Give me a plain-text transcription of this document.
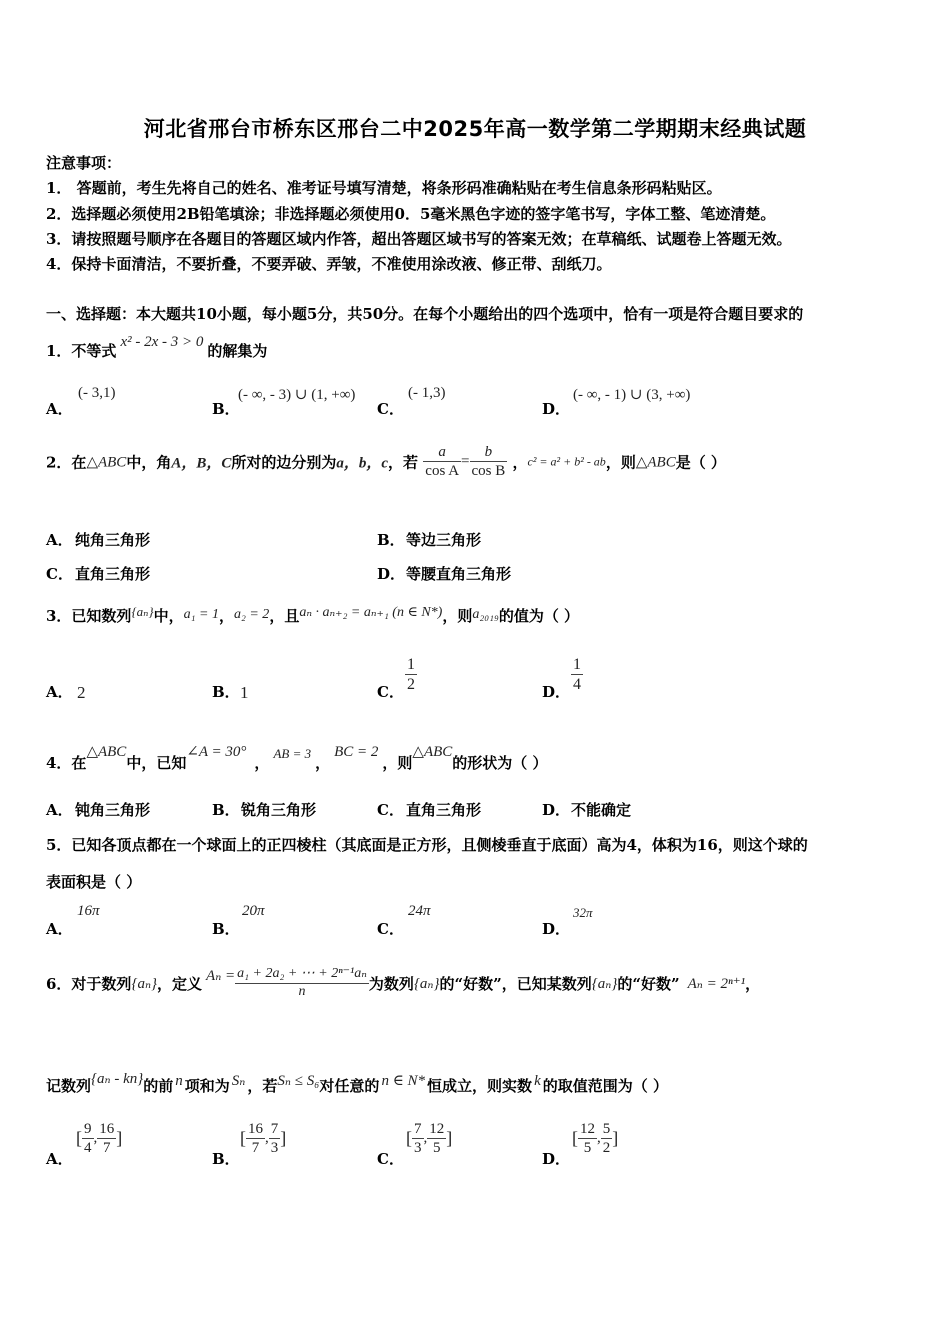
河北省邢台市桥东区邢台二中2025年高一数学第二学期期末经典试题
注意事项：
1． 答题前，考生先将自己的姓名、准考证号填写清楚，将条形码准确粘贴在考生信息条形码粘贴区。
2．选择题必须使用2B铅笔填涂；非选择题必须使用0．5毫米黑色字迹的签字笔书写，字体工整、笔迹清楚。
3．请按照题号顺序在各题目的答题区域内作答，超出答题区域书写的答案无效；在草稿纸、试题卷上答题无效。
4．保持卡面清洁，不要折叠，不要弄破、弄皱，不准使用涂改液、修正带、刮纸刀。
一、选择题：本大题共10小题，每小题5分，共50分。在每个小题给出的四个选项中，恰有一项是符合题目要求的
1．不等式 x² - 2x - 3 > 0 的解集为
A．
(- 3,1)
B．
(- ∞, - 3) ∪ (1, +∞)
C．
(- 1,3)
D．
(- ∞, - 1) ∪ (3, +∞)
2．在△ABC中，角A，B，C所对的边分别为a，b，c，若 $\frac{a}{\text{cos A}} = \frac{b}{\text{cos B}}$ ，c² = a² + b² - ab，则△ABC是（ ）
A． 纯角三角形	B． 等边三角形
C． 直角三角形	D． 等腰直角三角形
3．已知数列{aₙ}中，a₁ = 1，a₂ = 2，且aₙ · aₙ₊₂ = aₙ₊₁ (n ∈ N*)，则a₂₀₁₉的值为（ ）
A． 2	B． 1	C． $\frac{1}{2}$	D． $\frac{1}{4}$
4．在△ABC中，已知∠A = 30°，AB = 3，BC = 2，则△ABC的形状为（ ）
A． 钝角三角形	B． 锐角三角形	C． 直角三角形	D． 不能确定
5．已知各顶点都在一个球面上的正四棱柱（其底面是正方形，且侧棱垂直于底面）高为4，体积为16，则这个球的
表面积是（ ）
A．
16π
B．
20π
C．
24π
D．
32π
6．对于数列{aₙ}，定义 $A_n = \frac{\text{a₁ + 2a₂ + ⋯ + 2ⁿ⁻¹aₙ}}{n}$ 为数列{aₙ}的“好数”，已知某数列{aₙ}的“好数” Aₙ = 2ⁿ⁺¹，
记数列{aₙ - kn}的前 n 项和为 Sₙ ，若Sₙ ≤ S₆对任意的 n ∈ N* 恒成立，则实数 k 的取值范围为（ ）
A．
[ $\frac{9}{4}$ , $\frac{16}{7}$ ]
B．
[ $\frac{16}{7}$ , $\frac{7}{3}$ ]
C．
[ $\frac{7}{3}$ , $\frac{12}{5}$ ]
D．
[ $\frac{12}{5}$ , $\frac{5}{2}$ ]
